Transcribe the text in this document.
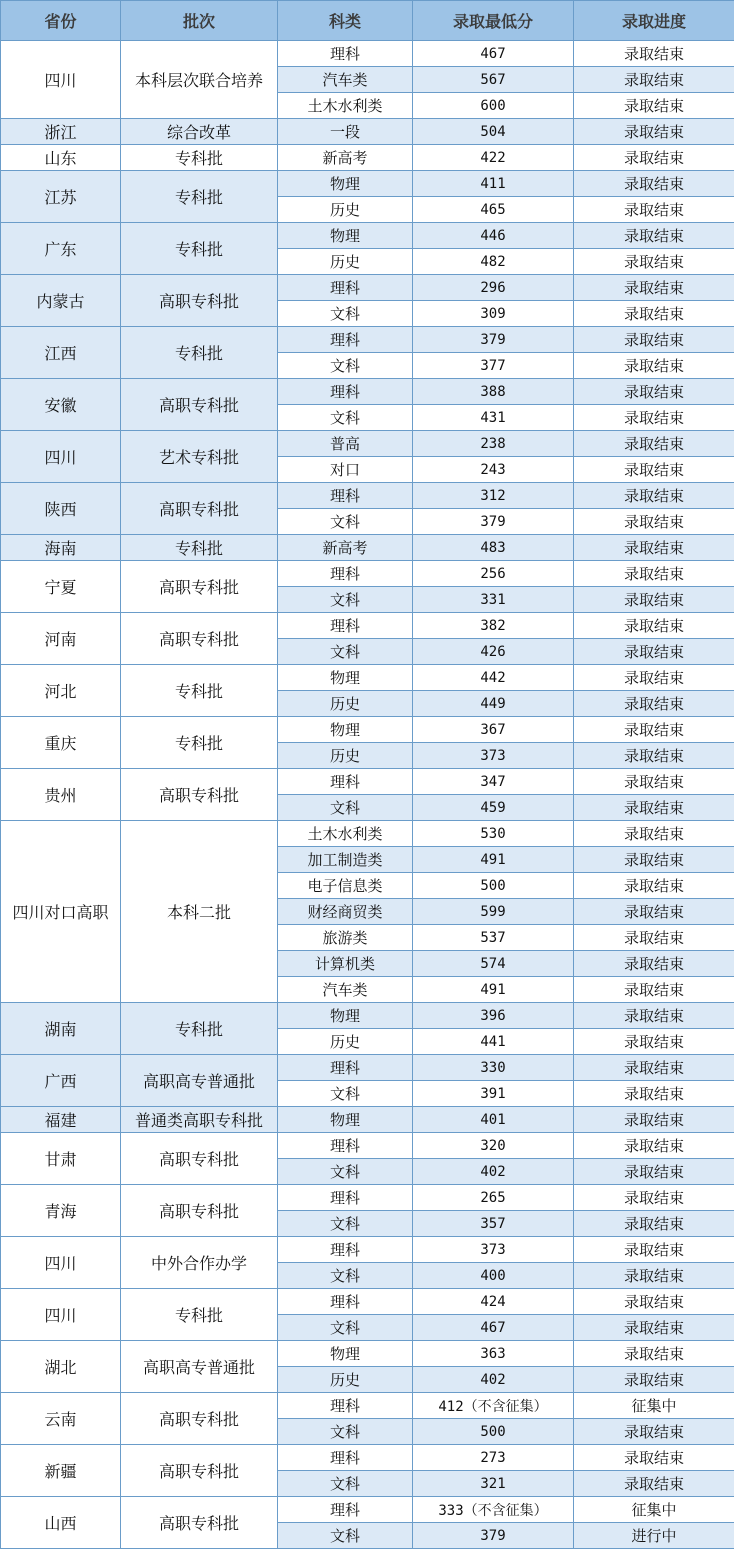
省份	批次	科类	录取最低分	录取进度
四川	本科层次联合培养	理科	467	录取结束
		汽车类	567	录取结束
		土木水利类	600	录取结束
浙江	综合改革	一段	504	录取结束
山东	专科批	新高考	422	录取结束
江苏	专科批	物理	411	录取结束
		历史	465	录取结束
广东	专科批	物理	446	录取结束
		历史	482	录取结束
内蒙古	高职专科批	理科	296	录取结束
		文科	309	录取结束
江西	专科批	理科	379	录取结束
		文科	377	录取结束
安徽	高职专科批	理科	388	录取结束
		文科	431	录取结束
四川	艺术专科批	普高	238	录取结束
		对口	243	录取结束
陕西	高职专科批	理科	312	录取结束
		文科	379	录取结束
海南	专科批	新高考	483	录取结束
宁夏	高职专科批	理科	256	录取结束
		文科	331	录取结束
河南	高职专科批	理科	382	录取结束
		文科	426	录取结束
河北	专科批	物理	442	录取结束
		历史	449	录取结束
重庆	专科批	物理	367	录取结束
		历史	373	录取结束
贵州	高职专科批	理科	347	录取结束
		文科	459	录取结束
四川对口高职	本科二批	土木水利类	530	录取结束
		加工制造类	491	录取结束
		电子信息类	500	录取结束
		财经商贸类	599	录取结束
		旅游类	537	录取结束
		计算机类	574	录取结束
		汽车类	491	录取结束
湖南	专科批	物理	396	录取结束
		历史	441	录取结束
广西	高职高专普通批	理科	330	录取结束
		文科	391	录取结束
福建	普通类高职专科批	物理	401	录取结束
甘肃	高职专科批	理科	320	录取结束
		文科	402	录取结束
青海	高职专科批	理科	265	录取结束
		文科	357	录取结束
四川	中外合作办学	理科	373	录取结束
		文科	400	录取结束
四川	专科批	理科	424	录取结束
		文科	467	录取结束
湖北	高职高专普通批	物理	363	录取结束
		历史	402	录取结束
云南	高职专科批	理科	412（不含征集）	征集中
		文科	500	录取结束
新疆	高职专科批	理科	273	录取结束
		文科	321	录取结束
山西	高职专科批	理科	333（不含征集）	征集中
		文科	379	进行中
